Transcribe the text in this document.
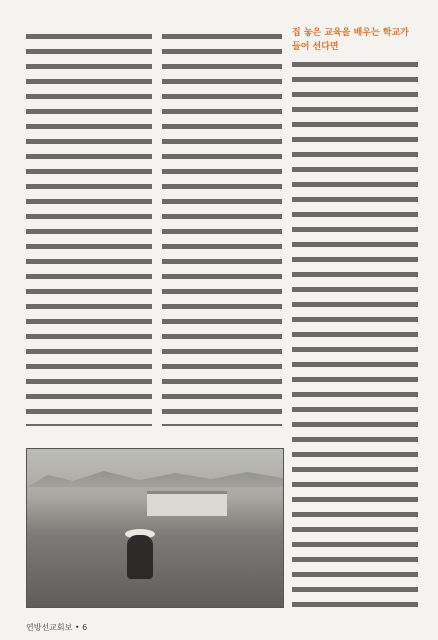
집 놓은 교육을 배우는 학교가 들어 선다면
연방선교회보 • 6
